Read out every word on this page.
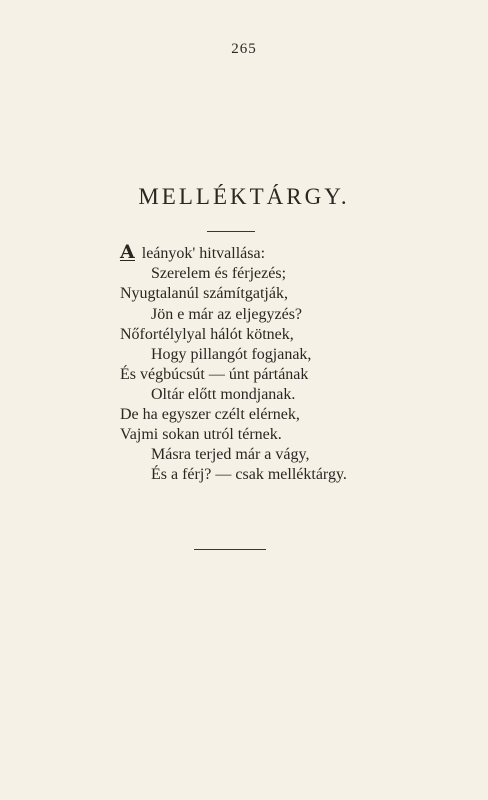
265
MELLÉKTÁRGY.
A leányok' hitvallása:
Szerelem és férjezés;
Nyugtalanúl számítgatják,
Jön e már az eljegyzés?
Nőfortélylyal hálót kötnek,
Hogy pillangót fogjanak,
És végbúcsút — únt pártának
Oltár előtt mondjanak.
De ha egyszer czélt elérnek,
Vajmi sokan utról térnek.
Másra terjed már a vágy,
És a férj? — csak melléktárgy.
